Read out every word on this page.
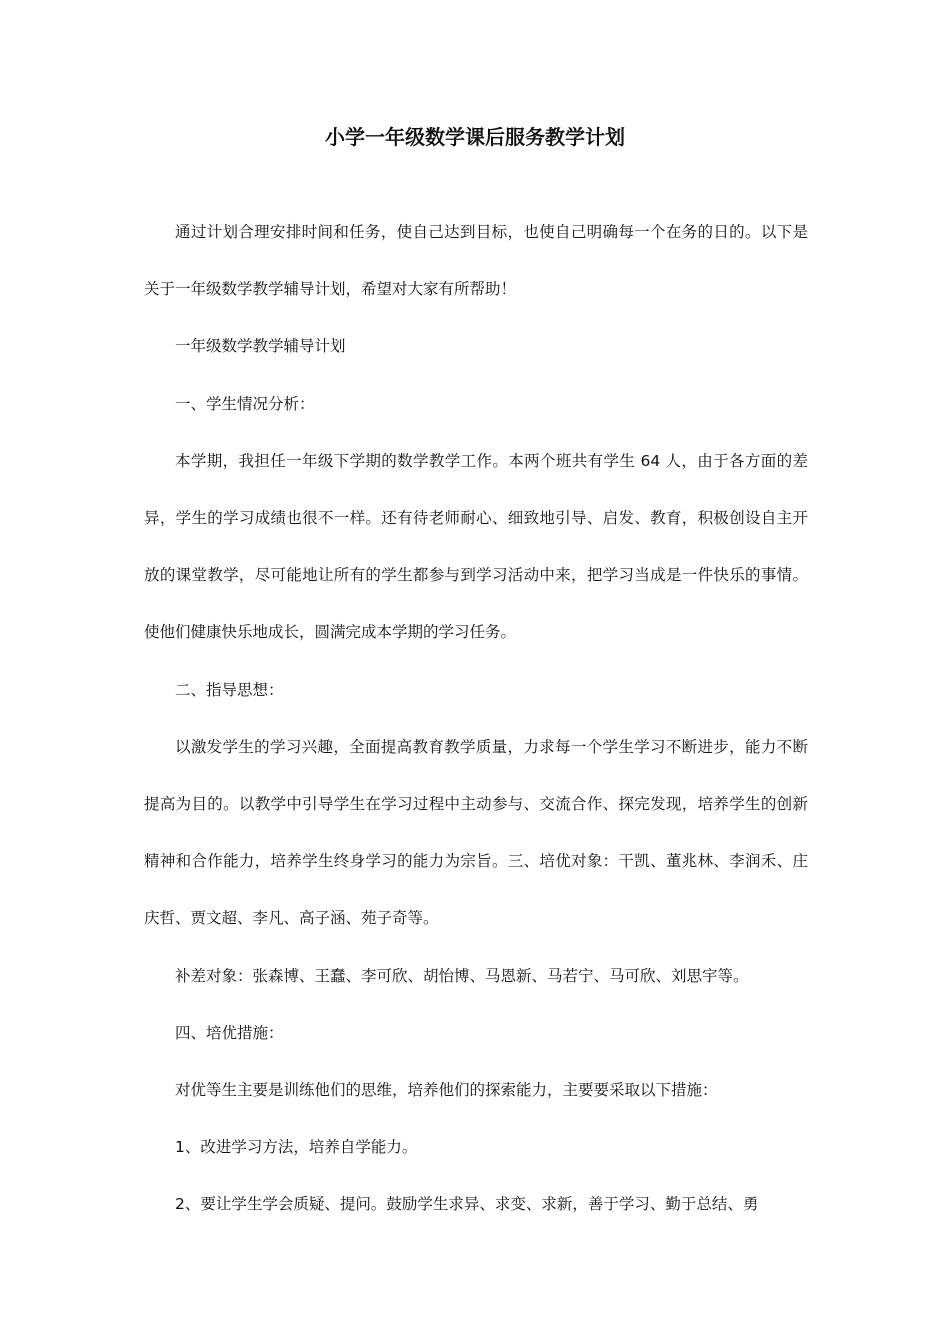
小学一年级数学课后服务教学计划

通过计划合理安排时间和任务，使自己达到目标，也使自己明确每一个在务的日的。以下是关于一年级数学教学辅导计划，希望对大家有所帮助！

一年级数学教学辅导计划

一、学生情况分析：

本学期，我担任一年级下学期的数学教学工作。本两个班共有学生 64 人，由于各方面的差异，学生的学习成绩也很不一样。还有待老师耐心、细致地引导、启发、教育，积极创设自主开放的课堂教学，尽可能地让所有的学生都参与到学习活动中来，把学习当成是一件快乐的事情。使他们健康快乐地成长，圆满完成本学期的学习任务。

二、指导思想：

以激发学生的学习兴趣，全面提高教育教学质量，力求每一个学生学习不断进步，能力不断提高为目的。以教学中引导学生在学习过程中主动参与、交流合作、探完发现，培养学生的创新精神和合作能力，培养学生终身学习的能力为宗旨。三、培优对象：干凯、董兆林、李润禾、庄庆哲、贾文超、李凡、高子涵、苑子奇等。

补差对象：张森博、王蠢、李可欣、胡怡博、马恩新、马若宁、马可欣、刘思宇等。

四、培优措施：

对优等生主要是训练他们的思维，培养他们的探索能力，主要要采取以下措施：

1、改进学习方法，培养自学能力。

2、要让学生学会质疑、提问。鼓励学生求异、求变、求新，善于学习、勤于总结、勇
